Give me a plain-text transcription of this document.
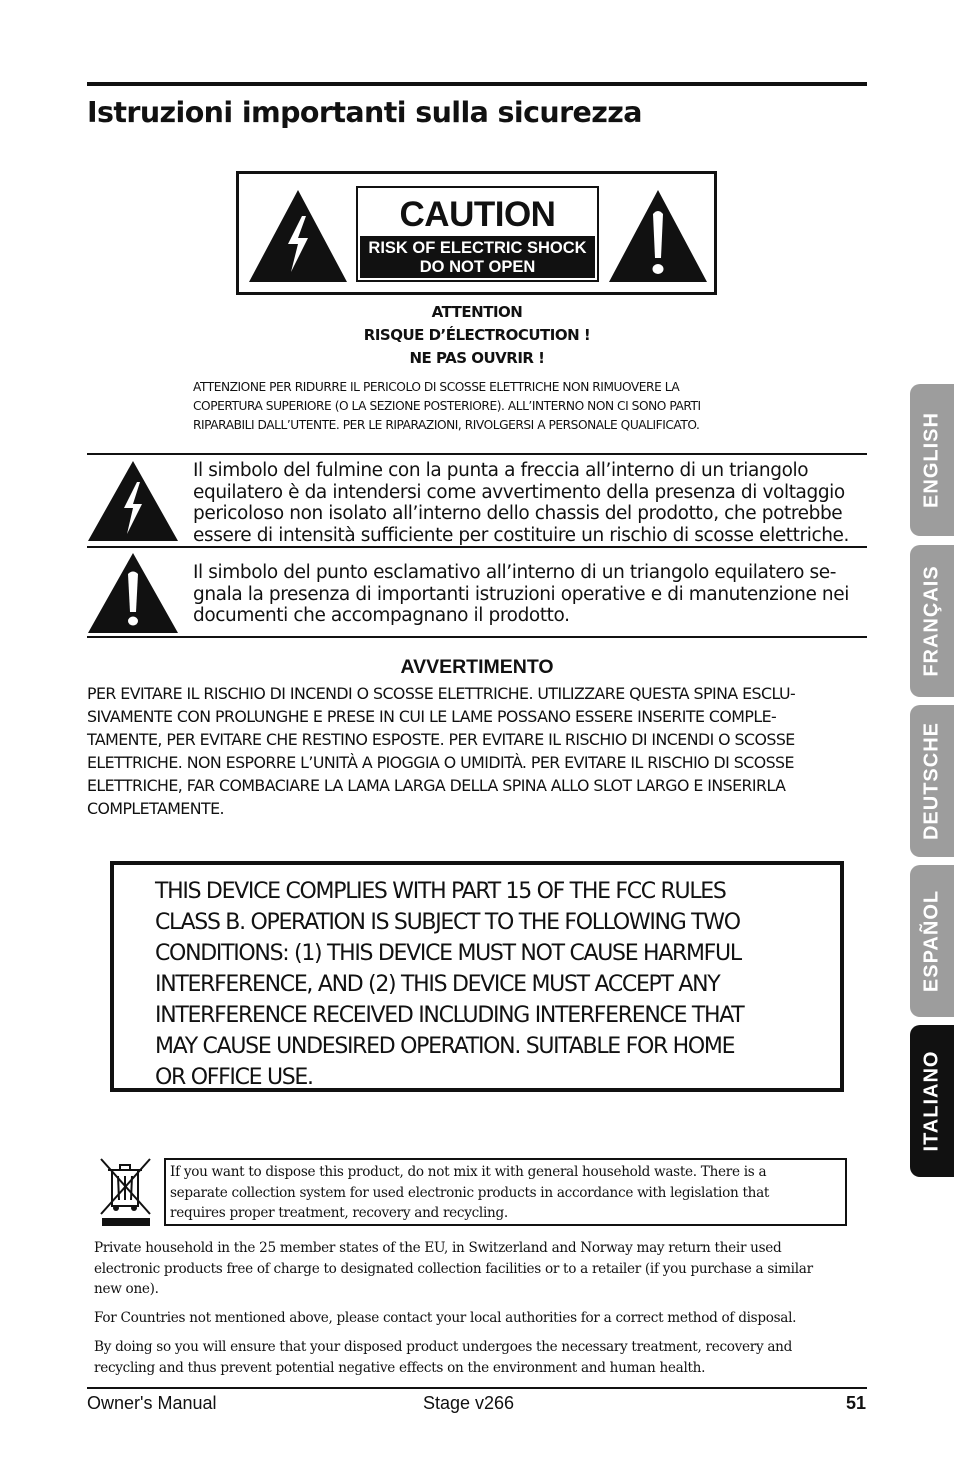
Istruzioni importanti sulla sicurezza
CAUTION
RISK OF ELECTRIC SHOCK
DO NOT OPEN
ATTENTION
RISQUE D’ÉLECTROCUTION !
NE PAS OUVRIR !
ATTENZIONE PER RIDURRE IL PERICOLO DI SCOSSE ELETTRICHE NON RIMUOVERE LA
COPERTURA SUPERIORE (O LA SEZIONE POSTERIORE). ALL’INTERNO NON CI SONO PARTI
RIPARABILI DALL’UTENTE. PER LE RIPARAZIONI, RIVOLGERSI A PERSONALE QUALIFICATO.
Il simbolo del fulmine con la punta a freccia all’interno di un triangolo
equilatero è da intendersi come avvertimento della presenza di voltaggio
pericoloso non isolato all’interno dello chassis del prodotto, che potrebbe
essere di intensità sufficiente per costituire un rischio di scosse elettriche.
Il simbolo del punto esclamativo all’interno di un triangolo equilatero se-
gnala la presenza di importanti istruzioni operative e di manutenzione nei
documenti che accompagnano il prodotto.
AVVERTIMENTO
PER EVITARE IL RISCHIO DI INCENDI O SCOSSE ELETTRICHE. UTILIZZARE QUESTA SPINA ESCLU-
SIVAMENTE CON PROLUNGHE E PRESE IN CUI LE LAME POSSANO ESSERE INSERITE COMPLE-
TAMENTE, PER EVITARE CHE RESTINO ESPOSTE. PER EVITARE IL RISCHIO DI INCENDI O SCOSSE
ELETTRICHE. NON ESPORRE L’UNITÀ A PIOGGIA O UMIDITÀ. PER EVITARE IL RISCHIO DI SCOSSE
ELETTRICHE, FAR COMBACIARE LA LAMA LARGA DELLA SPINA ALLO SLOT LARGO E INSERIRLA
COMPLETAMENTE.
THIS DEVICE COMPLIES WITH PART 15 OF THE FCC RULES
CLASS B. OPERATION IS SUBJECT TO THE FOLLOWING TWO
CONDITIONS: (1) THIS DEVICE MUST NOT CAUSE HARMFUL
INTERFERENCE, AND (2) THIS DEVICE MUST ACCEPT ANY
INTERFERENCE RECEIVED INCLUDING INTERFERENCE THAT
MAY CAUSE UNDESIRED OPERATION. SUITABLE FOR HOME
OR OFFICE USE.
If you want to dispose this product, do not mix it with general household waste. There is a
separate collection system for used electronic products in accordance with legislation that
requires proper treatment, recovery and recycling.
Private household in the 25 member states of the EU, in Switzerland and Norway may return their used
electronic products free of charge to designated collection facilities or to a retailer (if you purchase a similar
new one).
For Countries not mentioned above, please contact your local authorities for a correct method of disposal.
By doing so you will ensure that your disposed product undergoes the necessary treatment, recovery and
recycling and thus prevent potential negative effects on the environment and human health.
Owner's Manual	Stage v266	51
ENGLISH
FRANÇAIS
DEUTSCHE
ESPAÑOL
ITALIANO
